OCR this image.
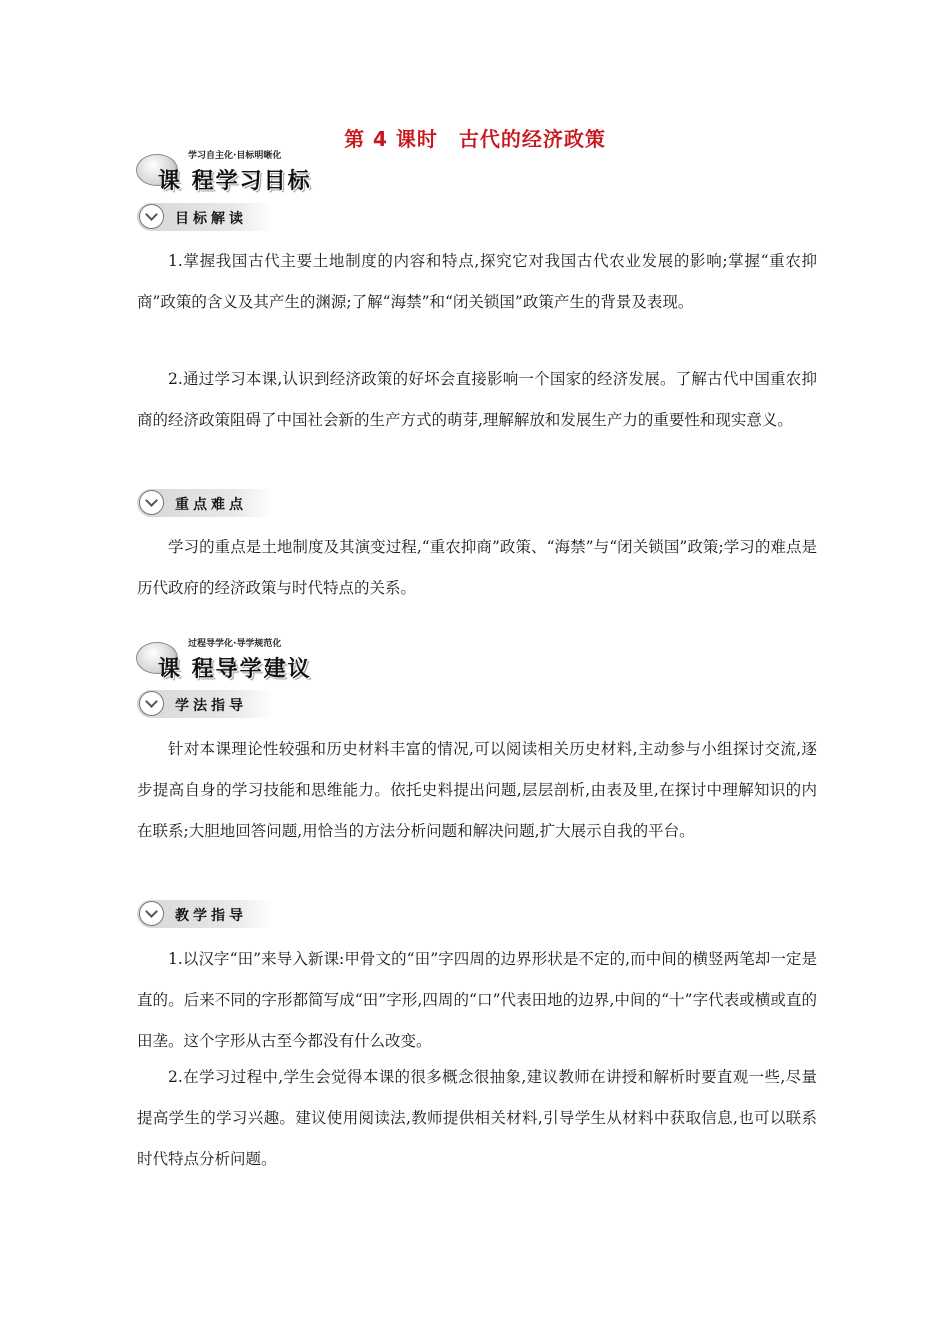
第 4 课时　古代的经济政策
学习自主化·目标明晰化
课 程学习目标
目标解读

1.掌握我国古代主要土地制度的内容和特点,探究它对我国古代农业发展的影响;掌握“重农抑商”政策的含义及其产生的渊源;了解“海禁”和“闭关锁国”政策产生的背景及表现。

2.通过学习本课,认识到经济政策的好坏会直接影响一个国家的经济发展。了解古代中国重农抑商的经济政策阻碍了中国社会新的生产方式的萌芽,理解解放和发展生产力的重要性和现实意义。

重点难点

学习的重点是土地制度及其演变过程,“重农抑商”政策、“海禁”与“闭关锁国”政策;学习的难点是历代政府的经济政策与时代特点的关系。

过程导学化·导学规范化
课 程导学建议
学法指导

针对本课理论性较强和历史材料丰富的情况,可以阅读相关历史材料,主动参与小组探讨交流,逐步提高自身的学习技能和思维能力。依托史料提出问题,层层剖析,由表及里,在探讨中理解知识的内在联系;大胆地回答问题,用恰当的方法分析问题和解决问题,扩大展示自我的平台。

教学指导

1.以汉字“田”来导入新课:甲骨文的“田”字四周的边界形状是不定的,而中间的横竖两笔却一定是直的。后来不同的字形都简写成“田”字形,四周的“口”代表田地的边界,中间的“十”字代表或横或直的田垄。这个字形从古至今都没有什么改变。

2.在学习过程中,学生会觉得本课的很多概念很抽象,建议教师在讲授和解析时要直观一些,尽量提高学生的学习兴趣。建议使用阅读法,教师提供相关材料,引导学生从材料中获取信息,也可以联系时代特点分析问题。
